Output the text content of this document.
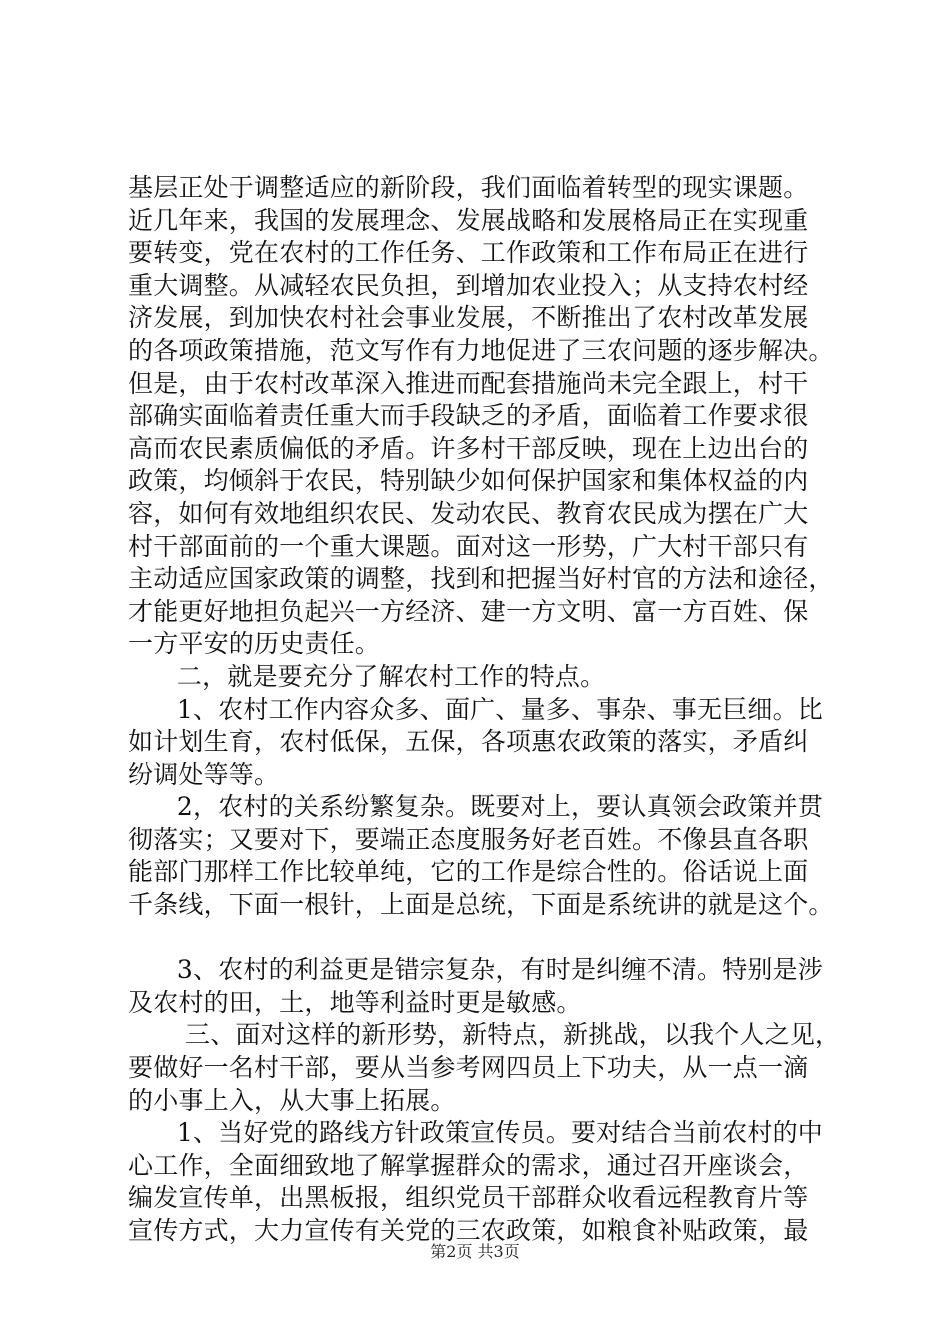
基层正处于调整适应的新阶段，我们面临着转型的现实课题。
近几年来，我国的发展理念、发展战略和发展格局正在实现重
要转变，党在农村的工作任务、工作政策和工作布局正在进行
重大调整。从减轻农民负担，到增加农业投入；从支持农村经
济发展，到加快农村社会事业发展，不断推出了农村改革发展
的各项政策措施，范文写作有力地促进了三农问题的逐步解决。
但是，由于农村改革深入推进而配套措施尚未完全跟上，村干
部确实面临着责任重大而手段缺乏的矛盾，面临着工作要求很
高而农民素质偏低的矛盾。许多村干部反映，现在上边出台的
政策，均倾斜于农民，特别缺少如何保护国家和集体权益的内
容，如何有效地组织农民、发动农民、教育农民成为摆在广大
村干部面前的一个重大课题。面对这一形势，广大村干部只有
主动适应国家政策的调整，找到和把握当好村官的方法和途径，
才能更好地担负起兴一方经济、建一方文明、富一方百姓、保
一方平安的历史责任。
二，就是要充分了解农村工作的特点。
1、农村工作内容众多、面广、量多、事杂、事无巨细。比
如计划生育，农村低保，五保，各项惠农政策的落实，矛盾纠
纷调处等等。
2，农村的关系纷繁复杂。既要对上，要认真领会政策并贯
彻落实；又要对下，要端正态度服务好老百姓。不像县直各职
能部门那样工作比较单纯，它的工作是综合性的。俗话说上面
千条线，下面一根针，上面是总统，下面是系统讲的就是这个。
3、农村的利益更是错宗复杂，有时是纠缠不清。特别是涉
及农村的田，土，地等利益时更是敏感。
三、面对这样的新形势，新特点，新挑战，以我个人之见，
要做好一名村干部，要从当参考网四员上下功夫，从一点一滴
的小事上入，从大事上拓展。
1、当好党的路线方针政策宣传员。要对结合当前农村的中
心工作，全面细致地了解掌握群众的需求，通过召开座谈会，
编发宣传单，出黑板报，组织党员干部群众收看远程教育片等
宣传方式，大力宣传有关党的三农政策，如粮食补贴政策，最
第2页 共3页
